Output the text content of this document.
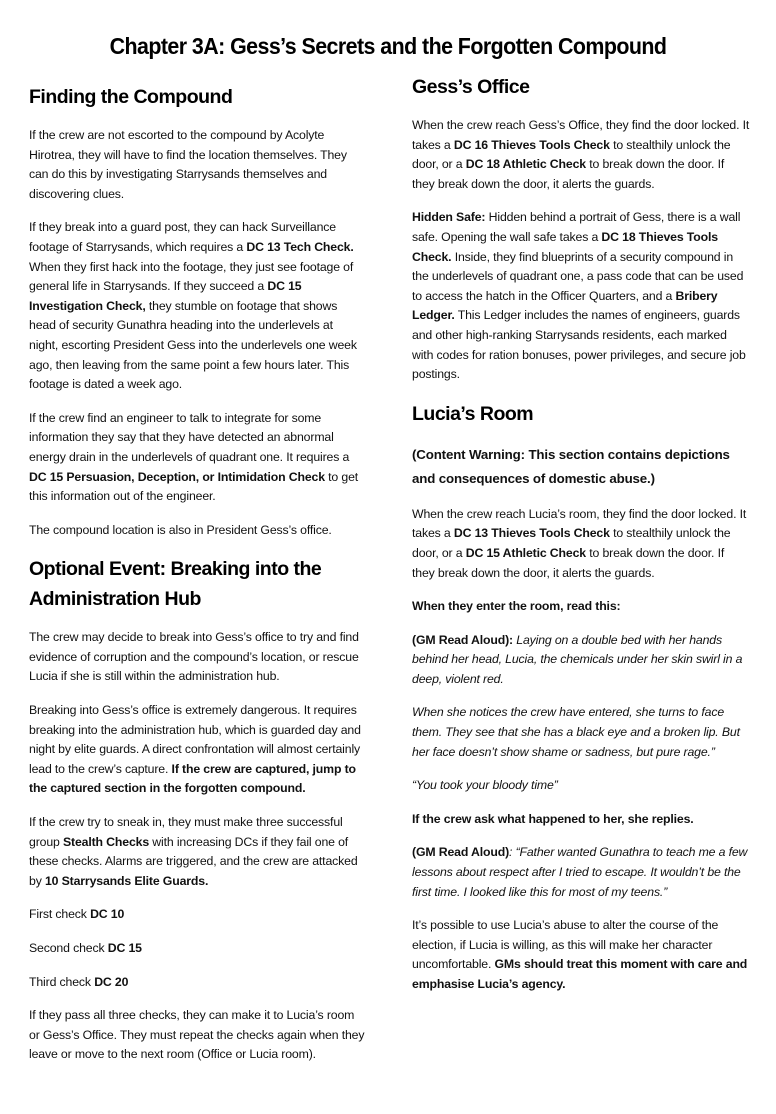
Chapter 3A: Gess’s Secrets and the Forgotten Compound
Finding the Compound

If the crew are not escorted to the compound by Acolyte Hirotrea, they will have to find the location themselves. They can do this by investigating Starrysands themselves and discovering clues.

If they break into a guard post, they can hack Surveillance footage of Starrysands, which requires a DC 13 Tech Check. When they first hack into the footage, they just see footage of general life in Starrysands. If they succeed a DC 15 Investigation Check, they stumble on footage that shows head of security Gunathra heading into the underlevels at night, escorting President Gess into the underlevels one week ago, then leaving from the same point a few hours later. This footage is dated a week ago.

If the crew find an engineer to talk to integrate for some information they say that they have detected an abnormal energy drain in the underlevels of quadrant one. It requires a DC 15 Persuasion, Deception, or Intimidation Check to get this information out of the engineer.

The compound location is also in President Gess’s office.

Optional Event: Breaking into the Administration Hub

The crew may decide to break into Gess’s office to try and find evidence of corruption and the compound’s location, or rescue Lucia if she is still within the administration hub.

Breaking into Gess’s office is extremely dangerous. It requires breaking into the administration hub, which is guarded day and night by elite guards. A direct confrontation will almost certainly lead to the crew’s capture. If the crew are captured, jump to the captured section in the forgotten compound.

If the crew try to sneak in, they must make three successful group Stealth Checks with increasing DCs if they fail one of these checks. Alarms are triggered, and the crew are attacked by 10 Starrysands Elite Guards.

First check DC 10

Second check DC 15

Third check DC 20

If they pass all three checks, they can make it to Lucia’s room or Gess’s Office. They must repeat the checks again when they leave or move to the next room (Office or Lucia room).

Gess’s Office

When the crew reach Gess’s Office, they find the door locked. It takes a DC 16 Thieves Tools Check to stealthily unlock the door, or a DC 18 Athletic Check to break down the door. If they break down the door, it alerts the guards.

Hidden Safe: Hidden behind a portrait of Gess, there is a wall safe. Opening the wall safe takes a DC 18 Thieves Tools Check. Inside, they find blueprints of a security compound in the underlevels of quadrant one, a pass code that can be used to access the hatch in the Officer Quarters, and a Bribery Ledger. This Ledger includes the names of engineers, guards and other high-ranking Starrysands residents, each marked with codes for ration bonuses, power privileges, and secure job postings.

Lucia’s Room

(Content Warning: This section contains depictions and consequences of domestic abuse.)

When the crew reach Lucia’s room, they find the door locked. It takes a DC 13 Thieves Tools Check to stealthily unlock the door, or a DC 15 Athletic Check to break down the door. If they break down the door, it alerts the guards.

When they enter the room, read this:

(GM Read Aloud): Laying on a double bed with her hands behind her head, Lucia, the chemicals under her skin swirl in a deep, violent red.

When she notices the crew have entered, she turns to face them. They see that she has a black eye and a broken lip. But her face doesn’t show shame or sadness, but pure rage.”

“You took your bloody time”

If the crew ask what happened to her, she replies.

(GM Read Aloud): “Father wanted Gunathra to teach me a few lessons about respect after I tried to escape. It wouldn’t be the first time. I looked like this for most of my teens.”

It’s possible to use Lucia’s abuse to alter the course of the election, if Lucia is willing, as this will make her character uncomfortable. GMs should treat this moment with care and emphasise Lucia’s agency.
